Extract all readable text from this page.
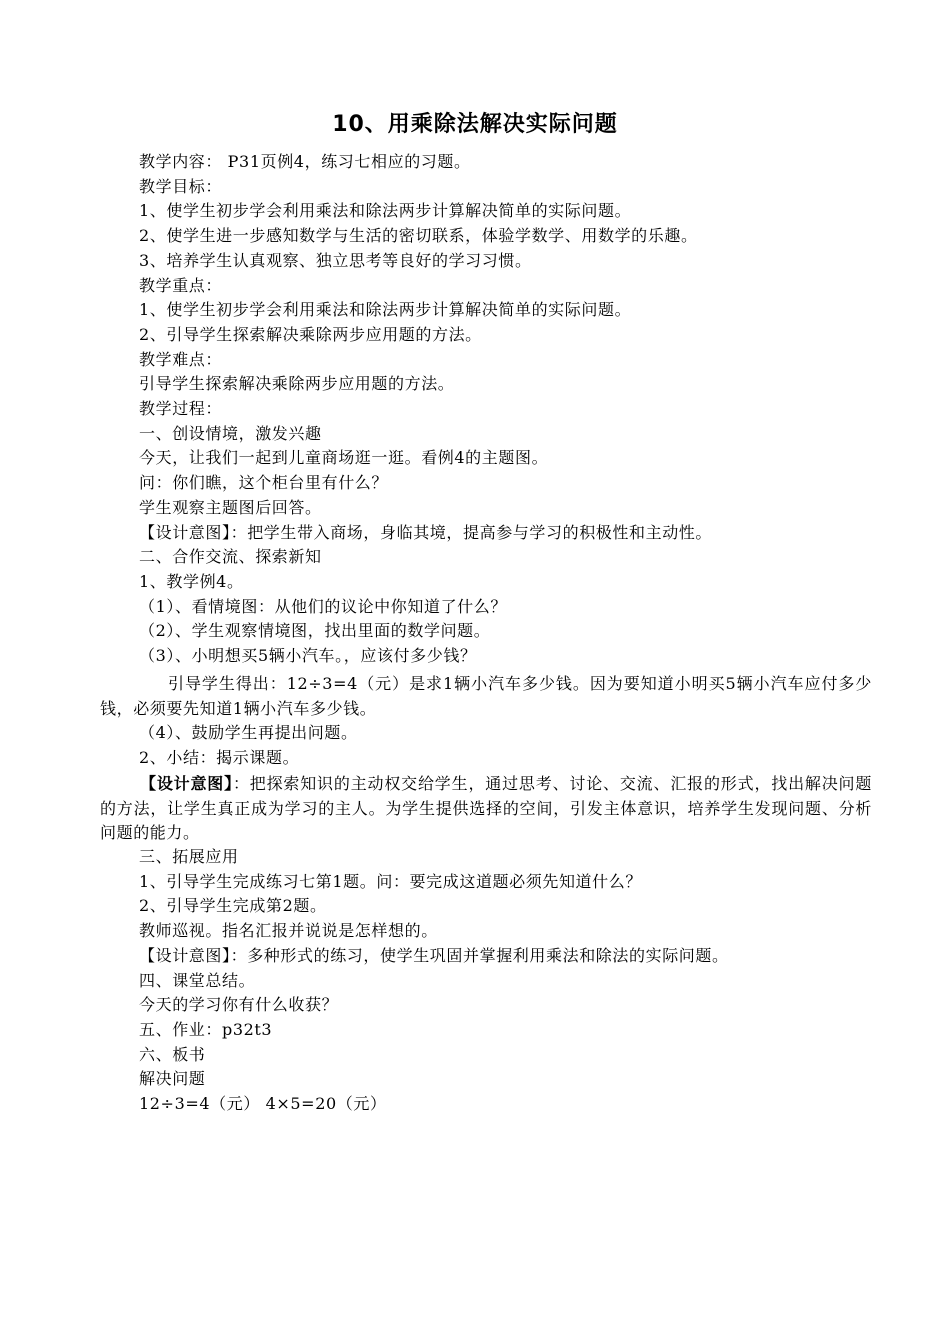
10、用乘除法解决实际问题
教学内容： P31页例4，练习七相应的习题。
教学目标：
1、使学生初步学会利用乘法和除法两步计算解决简单的实际问题。
2、使学生进一步感知数学与生活的密切联系，体验学数学、用数学的乐趣。
3、培养学生认真观察、独立思考等良好的学习习惯。
教学重点：
1、使学生初步学会利用乘法和除法两步计算解决简单的实际问题。
2、引导学生探索解决乘除两步应用题的方法。
教学难点：
引导学生探索解决乘除两步应用题的方法。
教学过程：
一、创设情境，激发兴趣
今天，让我们一起到儿童商场逛一逛。看例4的主题图。
问：你们瞧，这个柜台里有什么？
学生观察主题图后回答。
【设计意图】：把学生带入商场，身临其境，提高参与学习的积极性和主动性。
二、合作交流、探索新知
1、教学例4。
（1）、看情境图：从他们的议论中你知道了什么？
（2）、学生观察情境图，找出里面的数学问题。
（3）、小明想买5辆小汽车。，应该付多少钱？
引导学生得出：12÷3=4（元）是求1辆小汽车多少钱。因为要知道小明买5辆小汽车应付多少钱，必须要先知道1辆小汽车多少钱。
（4）、鼓励学生再提出问题。
2、小结：揭示课题。
【设计意图】：把探索知识的主动权交给学生，通过思考、讨论、交流、汇报的形式，找出解决问题的方法，让学生真正成为学习的主人。为学生提供选择的空间，引发主体意识，培养学生发现问题、分析问题的能力。
三、拓展应用
1、引导学生完成练习七第1题。问：要完成这道题必须先知道什么？
2、引导学生完成第2题。
教师巡视。指名汇报并说说是怎样想的。
【设计意图】：多种形式的练习，使学生巩固并掌握利用乘法和除法的实际问题。
四、课堂总结。
今天的学习你有什么收获？
五、作业：p32t3
六、板书
解决问题
12÷3=4（元） 4×5=20（元）
